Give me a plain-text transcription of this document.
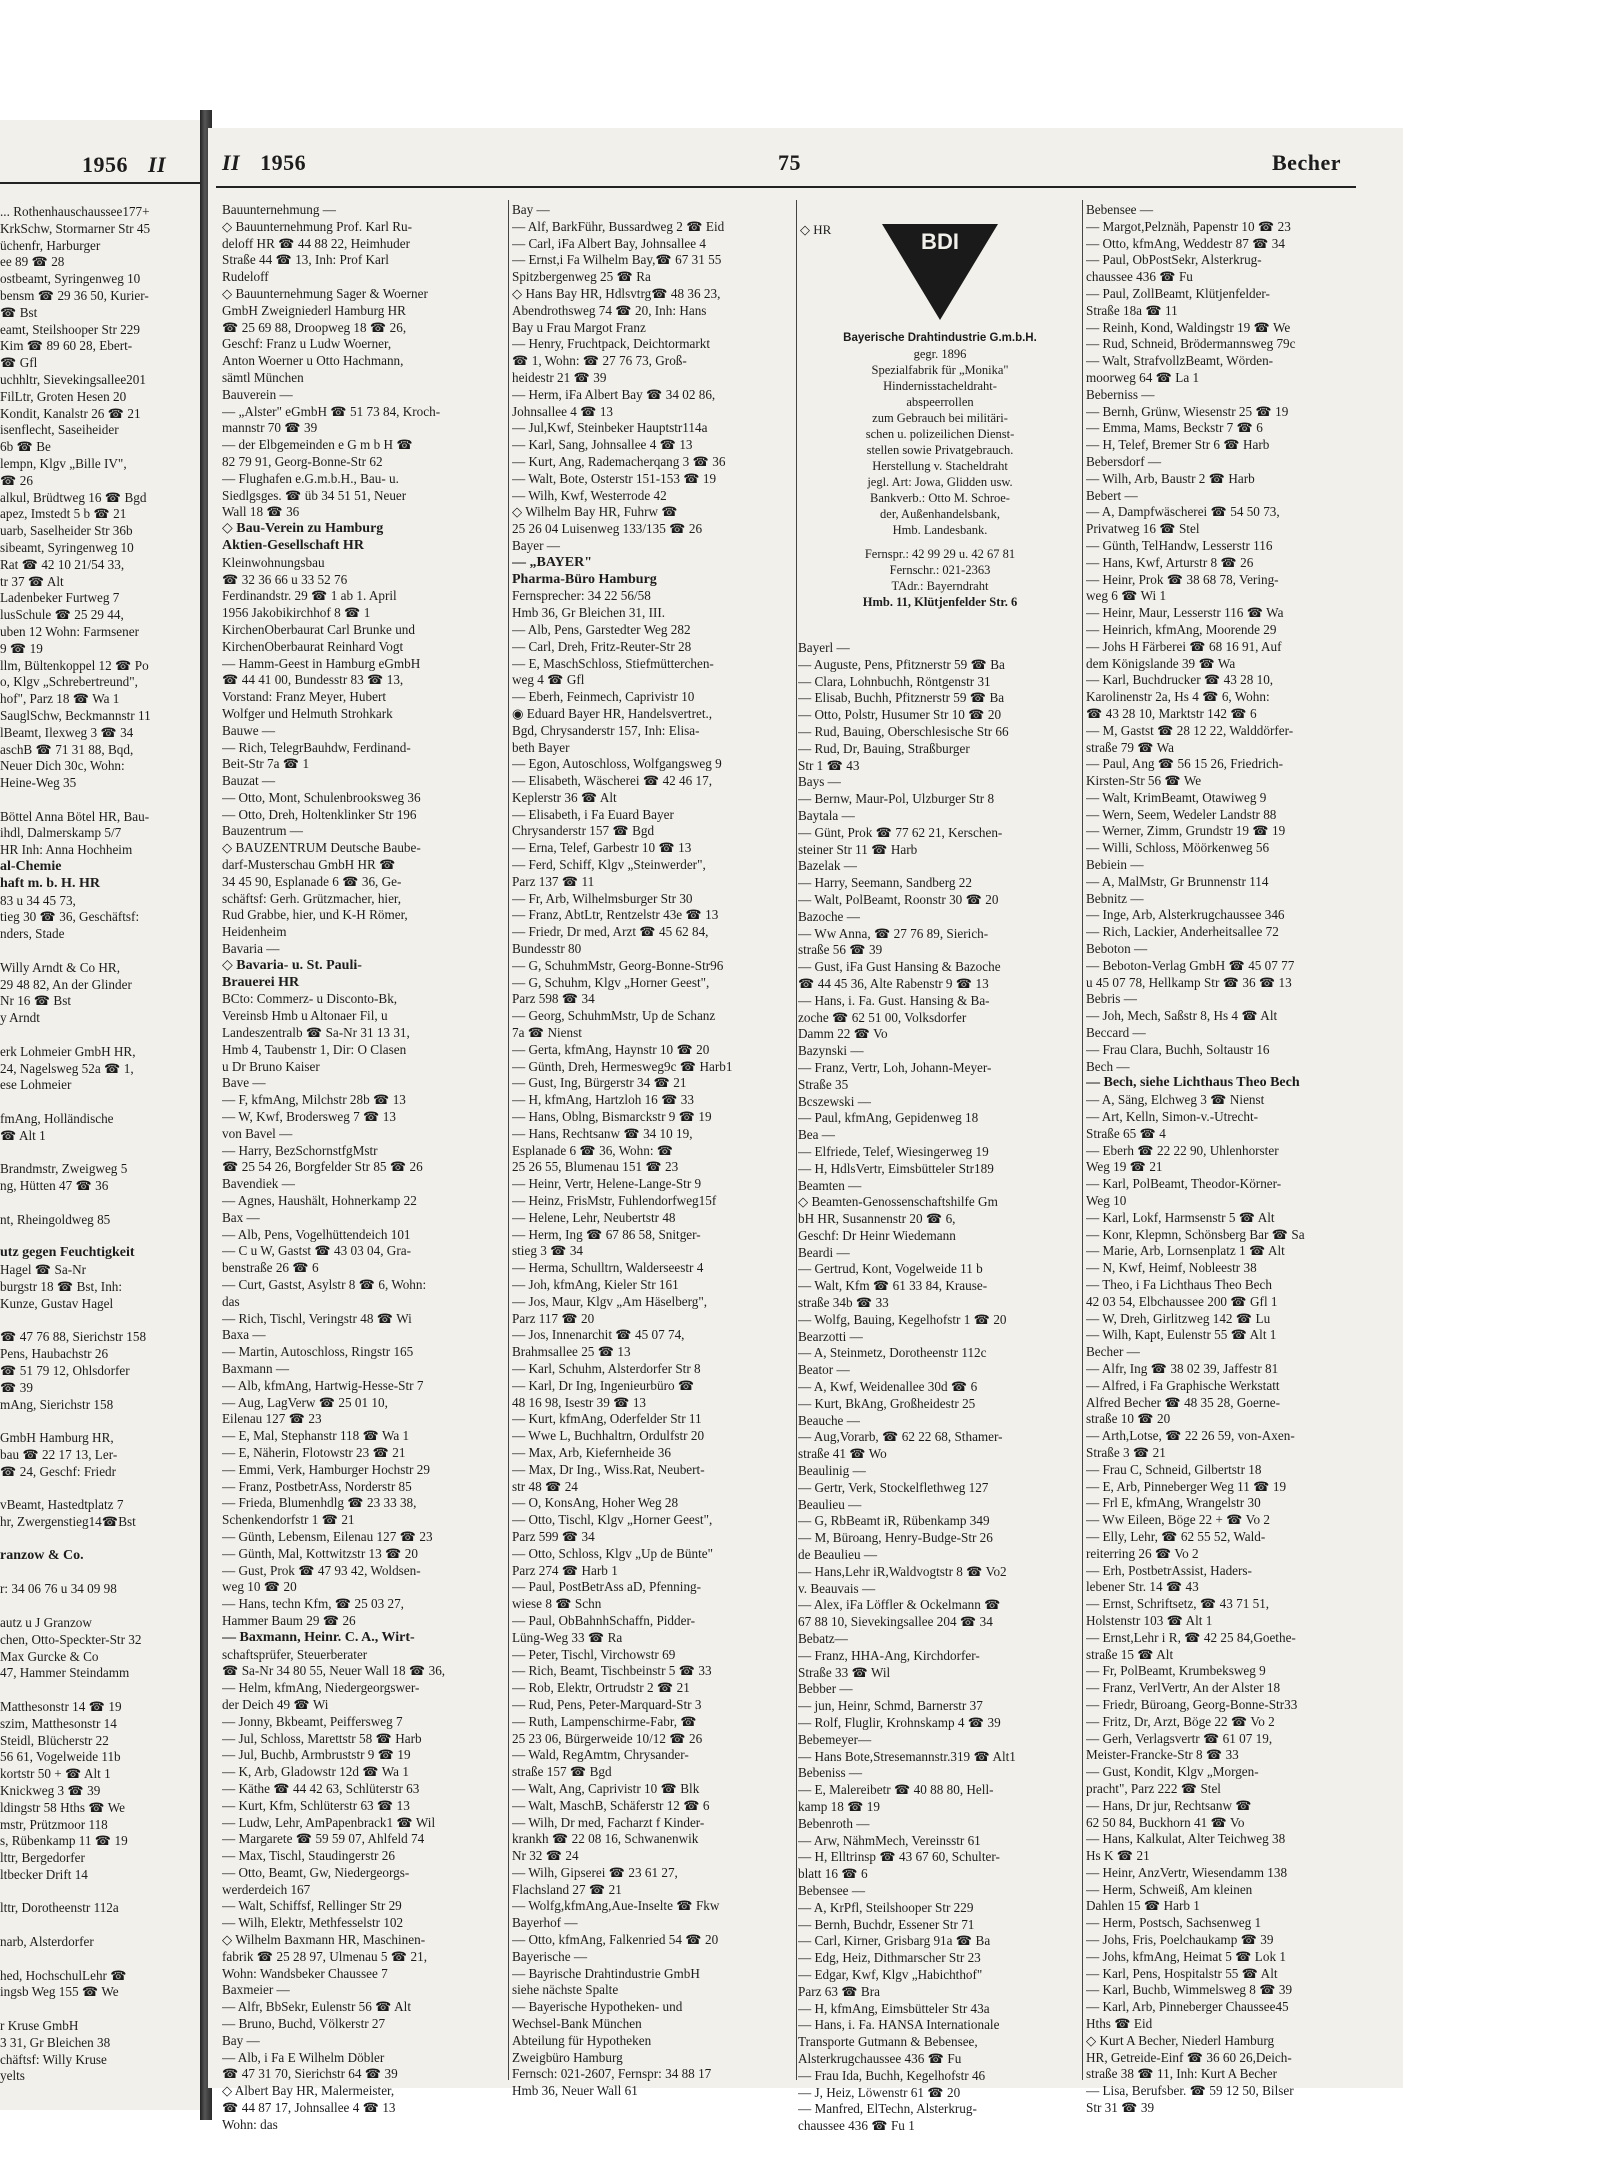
1956 II
... Rothenhauschaussee177+
KrkSchw, Stormarner Str 45
üchenfr, Harburger
ee 89 ☎ 28
ostbeamt, Syringenweg 10
bensm ☎ 29 36 50, Kurier-
☎ Bst
eamt, Steilshooper Str 229
Kim ☎ 89 60 28, Ebert-
☎ Gfl
uchhltr, Sievekingsallee201
FilLtr, Groten Hesen 20
Kondit, Kanalstr 26 ☎ 21
isenflecht, Saseiheider
6b ☎ Be
lempn, Klgv „Bille IV",
☎ 26
alkul, Brüdtweg 16 ☎ Bgd
apez, Imstedt 5 b ☎ 21
uarb, Saselheider Str 36b
sibeamt, Syringenweg 10
Rat ☎ 42 10 21/54 33,
tr 37 ☎ Alt
Ladenbeker Furtweg 7
lusSchule ☎ 25 29 44,
uben 12 Wohn: Farmsener
9 ☎ 19
llm, Bültenkoppel 12 ☎ Po
o, Klgv „Schrebertreund",
hof", Parz 18 ☎ Wa 1
SauglSchw, Beckmannstr 11
lBeamt, Ilexweg 3 ☎ 34
aschB ☎ 71 31 88, Bqd,
Neuer Dich 30c, Wohn:
Heine-Weg 35

Böttel Anna Bötel HR, Bau-
ihdl, Dalmerskamp 5/7
HR Inh: Anna Hochheim
al-Chemie
haft m. b. H. HR
83 u 34 45 73,
tieg 30 ☎ 36, Geschäftsf:
nders, Stade

Willy Arndt & Co HR,
29 48 82, An der Glinder
Nr 16 ☎ Bst
y Arndt

erk Lohmeier GmbH HR,
24, Nagelsweg 52a ☎ 1,
ese Lohmeier

fmAng, Holländische
☎ Alt 1

Brandmstr, Zweigweg 5
ng, Hütten 47 ☎ 36

nt, Rheingoldweg 85

utz gegen Feuchtigkeit
Hagel ☎ Sa-Nr
burgstr 18 ☎ Bst, Inh:
Kunze, Gustav Hagel

☎ 47 76 88, Sierichstr 158
Pens, Haubachstr 26
☎ 51 79 12, Ohlsdorfer
☎ 39
mAng, Sierichstr 158

GmbH Hamburg HR,
bau ☎ 22 17 13, Ler-
☎ 24, Geschf: Friedr

vBeamt, Hastedtplatz 7
hr, Zwergenstieg14☎Bst

ranzow & Co.

r: 34 06 76 u 34 09 98

autz u J Granzow
chen, Otto-Speckter-Str 32
Max Gurcke & Co
47, Hammer Steindamm

Matthesonstr 14 ☎ 19
szim, Matthesonstr 14
Steidl, Blücherstr 22
56 61, Vogelweide 11b
kortstr 50 + ☎ Alt 1
Knickweg 3 ☎ 39
ldingstr 58 Hths ☎ We
mstr, Prützmoor 118
s, Rübenkamp 11 ☎ 19
lttr, Bergedorfer
ltbecker Drift 14

lttr, Dorotheenstr 112a

narb, Alsterdorfer

hed, HochschulLehr ☎
ingsb Weg 155 ☎ We

r Kruse GmbH
3 31, Gr Bleichen 38
chäftsf: Willy Kruse
yelts
II 1956	75	Becher
Bauunternehmung —
◇ Bauunternehmung Prof. Karl Ru-
deloff HR ☎ 44 88 22, Heimhuder
Straße 44 ☎ 13, Inh: Prof Karl
Rudeloff
◇ Bauunternehmung Sager & Woerner
GmbH Zweigniederl Hamburg HR
☎ 25 69 88, Droopweg 18 ☎ 26,
Geschf: Franz u Ludw Woerner,
Anton Woerner u Otto Hachmann,
sämtl München
Bauverein —
— „Alster" eGmbH ☎ 51 73 84, Kroch-
mannstr 70 ☎ 39
— der Elbgemeinden e G m b H ☎
82 79 91, Georg-Bonne-Str 62
— Flughafen e.G.m.b.H., Bau- u.
Siedlgsges. ☎ üb 34 51 51, Neuer
Wall 18 ☎ 36
◇ Bau-Verein zu Hamburg
Aktien-Gesellschaft HR
Kleinwohnungsbau
☎ 32 36 66 u 33 52 76
Ferdinandstr. 29 ☎ 1 ab 1. April
1956 Jakobikirchhof 8 ☎ 1
KirchenOberbaurat Carl Brunke und
KirchenOberbaurat Reinhard Vogt
— Hamm-Geest in Hamburg eGmbH
☎ 44 41 00, Bundesstr 83 ☎ 13,
Vorstand: Franz Meyer, Hubert
Wolfger und Helmuth Strohkark
Bauwe —
— Rich, TelegrBauhdw, Ferdinand-
Beit-Str 7a ☎ 1
Bauzat —
— Otto, Mont, Schulenbrooksweg 36
— Otto, Dreh, Holtenklinker Str 196
Bauzentrum —
◇ BAUZENTRUM Deutsche Baube-
darf-Musterschau GmbH HR ☎
34 45 90, Esplanade 6 ☎ 36, Ge-
schäftsf: Gerh. Grützmacher, hier,
Rud Grabbe, hier, und K-H Römer,
Heidenheim
Bavaria —
◇ Bavaria- u. St. Pauli-
Brauerei HR
BCto: Commerz- u Disconto-Bk,
Vereinsb Hmb u Altonaer Fil, u
Landeszentralb ☎ Sa-Nr 31 13 31,
Hmb 4, Taubenstr 1, Dir: O Clasen
u Dr Bruno Kaiser
Bave —
— F, kfmAng, Milchstr 28b ☎ 13
— W, Kwf, Brodersweg 7 ☎ 13
von Bavel —
— Harry, BezSchornstfgMstr
☎ 25 54 26, Borgfelder Str 85 ☎ 26
Bavendiek —
— Agnes, Haushält, Hohnerkamp 22
Bax —
— Alb, Pens, Vogelhüttendeich 101
— C u W, Gastst ☎ 43 03 04, Gra-
benstraße 26 ☎ 6
— Curt, Gastst, Asylstr 8 ☎ 6, Wohn:
das
— Rich, Tischl, Veringstr 48 ☎ Wi
Baxa —
— Martin, Autoschloss, Ringstr 165
Baxmann —
— Alb, kfmAng, Hartwig-Hesse-Str 7
— Aug, LagVerw ☎ 25 01 10,
Eilenau 127 ☎ 23
— E, Mal, Stephanstr 118 ☎ Wa 1
— E, Näherin, Flotowstr 23 ☎ 21
— Emmi, Verk, Hamburger Hochstr 29
— Franz, PostbetrAss, Norderstr 85
— Frieda, Blumenhdlg ☎ 23 33 38,
Schenkendorfstr 1 ☎ 21
— Günth, Lebensm, Eilenau 127 ☎ 23
— Günth, Mal, Kottwitzstr 13 ☎ 20
— Gust, Prok ☎ 47 93 42, Woldsen-
weg 10 ☎ 20
— Hans, techn Kfm, ☎ 25 03 27,
Hammer Baum 29 ☎ 26
— Baxmann, Heinr. C. A., Wirt-
schaftsprüfer, Steuerberater
☎ Sa-Nr 34 80 55, Neuer Wall 18 ☎ 36,
— Helm, kfmAng, Niedergeorgswer-
der Deich 49 ☎ Wi
— Jonny, Bkbeamt, Peiffersweg 7
— Jul, Schloss, Marettstr 58 ☎ Harb
— Jul, Buchb, Armbruststr 9 ☎ 19
— K, Arb, Gladowstr 12d ☎ Wa 1
— Käthe ☎ 44 42 63, Schlüterstr 63
— Kurt, Kfm, Schlüterstr 63 ☎ 13
— Ludw, Lehr, AmPapenbrack1 ☎ Wil
— Margarete ☎ 59 59 07, Ahlfeld 74
— Max, Tischl, Staudingerstr 26
— Otto, Beamt, Gw, Niedergeorgs-
werderdeich 167
— Walt, Schiffsf, Rellinger Str 29
— Wilh, Elektr, Methfesselstr 102
◇ Wilhelm Baxmann HR, Maschinen-
fabrik ☎ 25 28 97, Ulmenau 5 ☎ 21,
Wohn: Wandsbeker Chaussee 7
Baxmeier —
— Alfr, BbSekr, Eulenstr 56 ☎ Alt
— Bruno, Buchd, Völkerstr 27
Bay —
— Alb, i Fa E Wilhelm Döbler
☎ 47 31 70, Sierichstr 64 ☎ 39
◇ Albert Bay HR, Malermeister,
☎ 44 87 17, Johnsallee 4 ☎ 13
Wohn: das
Bay —
— Alf, BarkFühr, Bussardweg 2 ☎ Eid
— Carl, iFa Albert Bay, Johnsallee 4
— Ernst,i Fa Wilhelm Bay,☎ 67 31 55
Spitzbergenweg 25 ☎ Ra
◇ Hans Bay HR, Hdlsvtrg☎ 48 36 23,
Abendrothsweg 74 ☎ 20, Inh: Hans
Bay u Frau Margot Franz
— Henry, Fruchtpack, Deichtormarkt
☎ 1, Wohn: ☎ 27 76 73, Groß-
heidestr 21 ☎ 39
— Herm, iFa Albert Bay ☎ 34 02 86,
Johnsallee 4 ☎ 13
— Jul,Kwf, Steinbeker Hauptstr114a
— Karl, Sang, Johnsallee 4 ☎ 13
— Kurt, Ang, Rademacherqang 3 ☎ 36
— Walt, Bote, Osterstr 151-153 ☎ 19
— Wilh, Kwf, Westerrode 42
◇ Wilhelm Bay HR, Fuhrw ☎
25 26 04 Luisenweg 133/135 ☎ 26
Bayer —
— „BAYER"
Pharma-Büro Hamburg
Fernsprecher: 34 22 56/58
Hmb 36, Gr Bleichen 31, III.
— Alb, Pens, Garstedter Weg 282
— Carl, Dreh, Fritz-Reuter-Str 28
— E, MaschSchloss, Stiefmütterchen-
weg 4 ☎ Gfl
— Eberh, Feinmech, Caprivistr 10
◉ Eduard Bayer HR, Handelsvertret.,
Bgd, Chrysanderstr 157, Inh: Elisa-
beth Bayer
— Egon, Autoschloss, Wolfgangsweg 9
— Elisabeth, Wäscherei ☎ 42 46 17,
Keplerstr 36 ☎ Alt
— Elisabeth, i Fa Euard Bayer
Chrysanderstr 157 ☎ Bgd
— Erna, Telef, Garbestr 10 ☎ 13
— Ferd, Schiff, Klgv „Steinwerder",
Parz 137 ☎ 11
— Fr, Arb, Wilhelmsburger Str 30
— Franz, AbtLtr, Rentzelstr 43e ☎ 13
— Friedr, Dr med, Arzt ☎ 45 62 84,
Bundesstr 80
— G, SchuhmMstr, Georg-Bonne-Str96
— G, Schuhm, Klgv „Horner Geest",
Parz 598 ☎ 34
— Georg, SchuhmMstr, Up de Schanz
7a ☎ Nienst
— Gerta, kfmAng, Haynstr 10 ☎ 20
— Günth, Dreh, Hermesweg9c ☎ Harb1
— Gust, Ing, Bürgerstr 34 ☎ 21
— H, kfmAng, Hartzloh 16 ☎ 33
— Hans, Oblng, Bismarckstr 9 ☎ 19
— Hans, Rechtsanw ☎ 34 10 19,
Esplanade 6 ☎ 36, Wohn: ☎
25 26 55, Blumenau 151 ☎ 23
— Heinr, Vertr, Helene-Lange-Str 9
— Heinz, FrisMstr, Fuhlendorfweg15f
— Helene, Lehr, Neubertstr 48
— Herm, Ing ☎ 67 86 58, Snitger-
stieg 3 ☎ 34
— Herma, Schulltrn, Walderseestr 4
— Joh, kfmAng, Kieler Str 161
— Jos, Maur, Klgv „Am Häselberg",
Parz 117 ☎ 20
— Jos, Innenarchit ☎ 45 07 74,
Brahmsallee 25 ☎ 13
— Karl, Schuhm, Alsterdorfer Str 8
— Karl, Dr Ing, Ingenieurbüro ☎
48 16 98, Isestr 39 ☎ 13
— Kurt, kfmAng, Oderfelder Str 11
— Wwe L, Buchhaltrn, Ordulfstr 20
— Max, Arb, Kiefernheide 36
— Max, Dr Ing., Wiss.Rat, Neubert-
str 48 ☎ 24
— O, KonsAng, Hoher Weg 28
— Otto, Tischl, Klgv „Horner Geest",
Parz 599 ☎ 34
— Otto, Schloss, Klgv „Up de Bünte"
Parz 274 ☎ Harb 1
— Paul, PostBetrAss aD, Pfenning-
wiese 8 ☎ Schn
— Paul, ObBahnhSchaffn, Pidder-
Lüng-Weg 33 ☎ Ra
— Peter, Tischl, Virchowstr 69
— Rich, Beamt, Tischbeinstr 5 ☎ 33
— Rob, Elektr, Ortrudstr 2 ☎ 21
— Rud, Pens, Peter-Marquard-Str 3
— Ruth, Lampenschirme-Fabr, ☎
25 23 06, Bürgerweide 10/12 ☎ 26
— Wald, RegAmtm, Chrysander-
straße 157 ☎ Bgd
— Walt, Ang, Caprivistr 10 ☎ Blk
— Walt, MaschB, Schäferstr 12 ☎ 6
— Wilh, Dr med, Facharzt f Kinder-
krankh ☎ 22 08 16, Schwanenwik
Nr 32 ☎ 24
— Wilh, Gipserei ☎ 23 61 27,
Flachsland 27 ☎ 21
— Wolfg,kfmAng,Aue-Inselte ☎ Fkw
Bayerhof —
— Otto, kfmAng, Falkenried 54 ☎ 20
Bayerische —
— Bayrische Drahtindustrie GmbH
siehe nächste Spalte
— Bayerische Hypotheken- und
Wechsel-Bank München
Abteilung für Hypotheken
Zweigbüro Hamburg
Fernsch: 021-2607, Fernspr: 34 88 17
Hmb 36, Neuer Wall 61
Bayerl —
— Auguste, Pens, Pfitznerstr 59 ☎ Ba
— Clara, Lohnbuchh, Röntgenstr 31
— Elisab, Buchh, Pfitznerstr 59 ☎ Ba
— Otto, Polstr, Husumer Str 10 ☎ 20
— Rud, Bauing, Oberschlesische Str 66
— Rud, Dr, Bauing, Straßburger
Str 1 ☎ 43
Bays —
— Bernw, Maur-Pol, Ulzburger Str 8
Baytala —
— Günt, Prok ☎ 77 62 21, Kerschen-
steiner Str 11 ☎ Harb
Bazelak —
— Harry, Seemann, Sandberg 22
— Walt, PolBeamt, Roonstr 30 ☎ 20
Bazoche —
— Ww Anna, ☎ 27 76 89, Sierich-
straße 56 ☎ 39
— Gust, iFa Gust Hansing & Bazoche
☎ 44 45 36, Alte Rabenstr 9 ☎ 13
— Hans, i. Fa. Gust. Hansing & Ba-
zoche ☎ 62 51 00, Volksdorfer
Damm 22 ☎ Vo
Bazynski —
— Franz, Vertr, Loh, Johann-Meyer-
Straße 35
Bcszewski —
— Paul, kfmAng, Gepidenweg 18
Bea —
— Elfriede, Telef, Wiesingerweg 19
— H, HdlsVertr, Eimsbütteler Str189
Beamten —
◇ Beamten-Genossenschaftshilfe Gm
bH HR, Susannenstr 20 ☎ 6,
Geschf: Dr Heinr Wiedemann
Beardi —
— Gertrud, Kont, Vogelweide 11 b
— Walt, Kfm ☎ 61 33 84, Krause-
straße 34b ☎ 33
— Wolfg, Bauing, Kegelhofstr 1 ☎ 20
Bearzotti —
— A, Steinmetz, Dorotheenstr 112c
Beator —
— A, Kwf, Weidenallee 30d ☎ 6
— Kurt, BkAng, Großheidestr 25
Beauche —
— Aug,Vorarb, ☎ 62 22 68, Sthamer-
straße 41 ☎ Wo
Beaulinig —
— Gertr, Verk, Stockelflethweg 127
Beaulieu —
— G, RbBeamt iR, Rübenkamp 349
— M, Büroang, Henry-Budge-Str 26
de Beaulieu —
— Hans,Lehr iR,Waldvogtstr 8 ☎ Vo2
v. Beauvais —
— Alex, iFa Löffler & Ockelmann ☎
67 88 10, Sievekingsallee 204 ☎ 34
Bebatz—
— Franz, HHA-Ang, Kirchdorfer-
Straße 33 ☎ Wil
Bebber —
— jun, Heinr, Schmd, Barnerstr 37
— Rolf, Fluglir, Krohnskamp 4 ☎ 39
Bebemeyer—
— Hans Bote,Stresemannstr.319 ☎ Alt1
Bebeniss —
— E, Malereibetr ☎ 40 88 80, Hell-
kamp 18 ☎ 19
Bebenroth —
— Arw, NähmMech, Vereinsstr 61
— H, Elltrinsp ☎ 43 67 60, Schulter-
blatt 16 ☎ 6
Bebensee —
— A, KrPfl, Steilshooper Str 229
— Bernh, Buchdr, Essener Str 71
— Carl, Kirner, Grisbarg 91a ☎ Ba
— Edg, Heiz, Dithmarscher Str 23
— Edgar, Kwf, Klgv „Habichthof"
Parz 63 ☎ Bra
— H, kfmAng, Eimsbütteler Str 43a
— Hans, i. Fa. HANSA Internationale
Transporte Gutmann & Bebensee,
Alsterkrugchaussee 436 ☎ Fu
— Frau Ida, Buchh, Kegelhofstr 46
— J, Heiz, Löwenstr 61 ☎ 20
— Manfred, ElTechn, Alsterkrug-
chaussee 436 ☎ Fu 1
Bebensee —
— Margot,Pelznäh, Papenstr 10 ☎ 23
— Otto, kfmAng, Weddestr 87 ☎ 34
— Paul, ObPostSekr, Alsterkrug-
chaussee 436 ☎ Fu
— Paul, ZollBeamt, Klütjenfelder-
Straße 18a ☎ 11
— Reinh, Kond, Waldingstr 19 ☎ We
— Rud, Schneid, Brödermannsweg 79c
— Walt, StrafvollzBeamt, Wörden-
moorweg 64 ☎ La 1
Beberniss —
— Bernh, Grünw, Wiesenstr 25 ☎ 19
— Emma, Mams, Beckstr 7 ☎ 6
— H, Telef, Bremer Str 6 ☎ Harb
Bebersdorf —
— Wilh, Arb, Baustr 2 ☎ Harb
Bebert —
— A, Dampfwäscherei ☎ 54 50 73,
Privatweg 16 ☎ Stel
— Günth, TelHandw, Lesserstr 116
— Hans, Kwf, Arturstr 8 ☎ 26
— Heinr, Prok ☎ 38 68 78, Vering-
weg 6 ☎ Wi 1
— Heinr, Maur, Lesserstr 116 ☎ Wa
— Heinrich, kfmAng, Moorende 29
— Johs H Färberei ☎ 68 16 91, Auf
dem Königslande 39 ☎ Wa
— Karl, Buchdrucker ☎ 43 28 10,
Karolinenstr 2a, Hs 4 ☎ 6, Wohn:
☎ 43 28 10, Marktstr 142 ☎ 6
— M, Gastst ☎ 28 12 22, Walddörfer-
straße 79 ☎ Wa
— Paul, Ang ☎ 56 15 26, Friedrich-
Kirsten-Str 56 ☎ We
— Walt, KrimBeamt, Otawiweg 9
— Wern, Seem, Wedeler Landstr 88
— Werner, Zimm, Grundstr 19 ☎ 19
— Willi, Schloss, Möörkenweg 56
Bebiein —
— A, MalMstr, Gr Brunnenstr 114
Bebnitz —
— Inge, Arb, Alsterkrugchaussee 346
— Rich, Lackier, Anderheitsallee 72
Beboton —
— Beboton-Verlag GmbH ☎ 45 07 77
u 45 07 78, Hellkamp Str ☎ 36 ☎ 13
Bebris —
— Joh, Mech, Saßstr 8, Hs 4 ☎ Alt
Beccard —
— Frau Clara, Buchh, Soltaustr 16
Bech —
— Bech, siehe Lichthaus Theo Bech
— A, Säng, Elchweg 3 ☎ Nienst
— Art, Kelln, Simon-v.-Utrecht-
Straße 65 ☎ 4
— Eberh ☎ 22 22 90, Uhlenhorster
Weg 19 ☎ 21
— Karl, PolBeamt, Theodor-Körner-
Weg 10
— Karl, Lokf, Harmsenstr 5 ☎ Alt
— Konr, Klepmn, Schönsberg Bar ☎ Sa
— Marie, Arb, Lornsenplatz 1 ☎ Alt
— N, Kwf, Heimf, Nobleestr 38
— Theo, i Fa Lichthaus Theo Bech
42 03 54, Elbchaussee 200 ☎ Gfl 1
— W, Dreh, Girlitzweg 142 ☎ Lu
— Wilh, Kapt, Eulenstr 55 ☎ Alt 1
Becher —
— Alfr, Ing ☎ 38 02 39, Jaffestr 81
— Alfred, i Fa Graphische Werkstatt
Alfred Becher ☎ 48 35 28, Goerne-
straße 10 ☎ 20
— Arth,Lotse, ☎ 22 26 59, von-Axen-
Straße 3 ☎ 21
— Frau C, Schneid, Gilbertstr 18
— E, Arb, Pinneberger Weg 11 ☎ 19
— Frl E, kfmAng, Wrangelstr 30
— Ww Eileen, Böge 22 + ☎ Vo 2
— Elly, Lehr, ☎ 62 55 52, Wald-
reiterring 26 ☎ Vo 2
— Erh, PostbetrAssist, Haders-
lebener Str. 14 ☎ 43
— Ernst, Schriftsetz, ☎ 43 71 51,
Holstenstr 103 ☎ Alt 1
— Ernst,Lehr i R, ☎ 42 25 84,Goethe-
straße 15 ☎ Alt
— Fr, PolBeamt, Krumbeksweg 9
— Franz, VerlVertr, An der Alster 18
— Friedr, Büroang, Georg-Bonne-Str33
— Fritz, Dr, Arzt, Böge 22 ☎ Vo 2
— Gerh, Verlagsvertr ☎ 61 07 19,
Meister-Francke-Str 8 ☎ 33
— Gust, Kondit, Klgv „Morgen-
pracht", Parz 222 ☎ Stel
— Hans, Dr jur, Rechtsanw ☎
62 50 84, Buckhorn 41 ☎ Vo
— Hans, Kalkulat, Alter Teichweg 38
Hs K ☎ 21
— Heinr, AnzVertr, Wiesendamm 138
— Herm, Schweiß, Am kleinen
Dahlen 15 ☎ Harb 1
— Herm, Postsch, Sachsenweg 1
— Johs, Fris, Poelchaukamp ☎ 39
— Johs, kfmAng, Heimat 5 ☎ Lok 1
— Karl, Pens, Hospitalstr 55 ☎ Alt
— Karl, Buchb, Wimmelsweg 8 ☎ 39
— Karl, Arb, Pinneberger Chaussee45
Hths ☎ Eid
◇ Kurt A Becher, Niederl Hamburg
HR, Getreide-Einf ☎ 36 60 26,Deich-
straße 38 ☎ 11, Inh: Kurt A Becher
— Lisa, Berufsber. ☎ 59 12 50, Bilser
Str 31 ☎ 39
BDI
Bayerische Drahtindustrie G.m.b.H.
gegr. 1896
Spezialfabrik für „Monika"
Hindernisstacheldraht-
abspeerrollen
zum Gebrauch bei militäri-
schen u. polizeilichen Dienst-
stellen sowie Privatgebrauch.
Herstellung v. Stacheldraht
jegl. Art: Jowa, Glidden usw.
Bankverb.: Otto M. Schroe-
der, Außenhandelsbank,
Hmb. Landesbank.
Fernspr.: 42 99 29 u. 42 67 81
Fernschr.: 021-2363
TAdr.: Bayerndraht
Hmb. 11, Klütjenfelder Str. 6
◇ HR
